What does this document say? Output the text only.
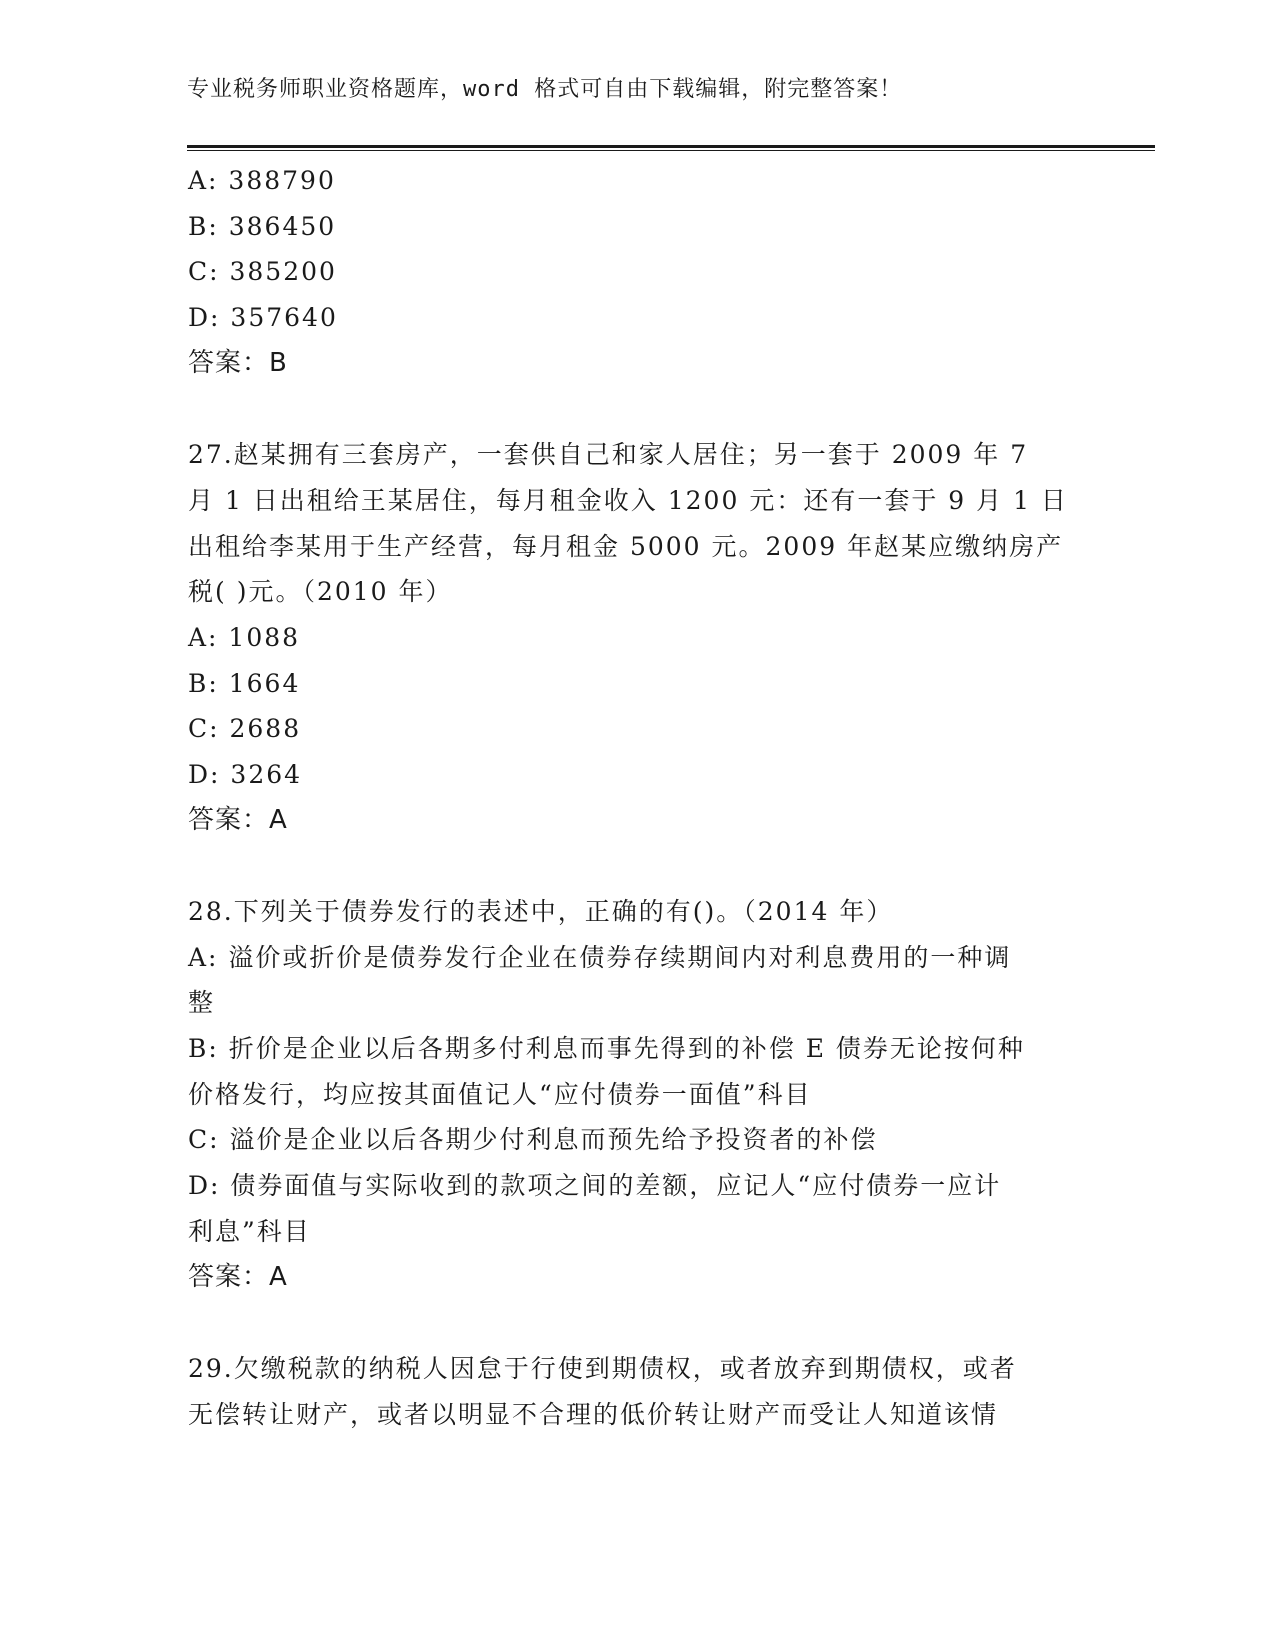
专业税务师职业资格题库，word 格式可自由下载编辑，附完整答案！
A: 388790
B: 386450
C: 385200
D: 357640
答案：B
27.赵某拥有三套房产，一套供自己和家人居住；另一套于 2009 年 7
月 1 日出租给王某居住，每月租金收入 1200 元：还有一套于 9 月 1 日
出租给李某用于生产经营，每月租金 5000 元。2009 年赵某应缴纳房产
税( )元。（2010 年）
A: 1088
B: 1664
C: 2688
D: 3264
答案：A
28.下列关于债券发行的表述中，正确的有()。（2014 年）
A: 溢价或折价是债券发行企业在债券存续期间内对利息费用的一种调
整
B: 折价是企业以后各期多付利息而事先得到的补偿 E 债券无论按何种
价格发行，均应按其面值记人“应付债券一面值”科目
C: 溢价是企业以后各期少付利息而预先给予投资者的补偿
D: 债券面值与实际收到的款项之间的差额，应记人“应付债券一应计
利息”科目
答案：A
29.欠缴税款的纳税人因怠于行使到期债权，或者放弃到期债权，或者
无偿转让财产，或者以明显不合理的低价转让财产而受让人知道该情
